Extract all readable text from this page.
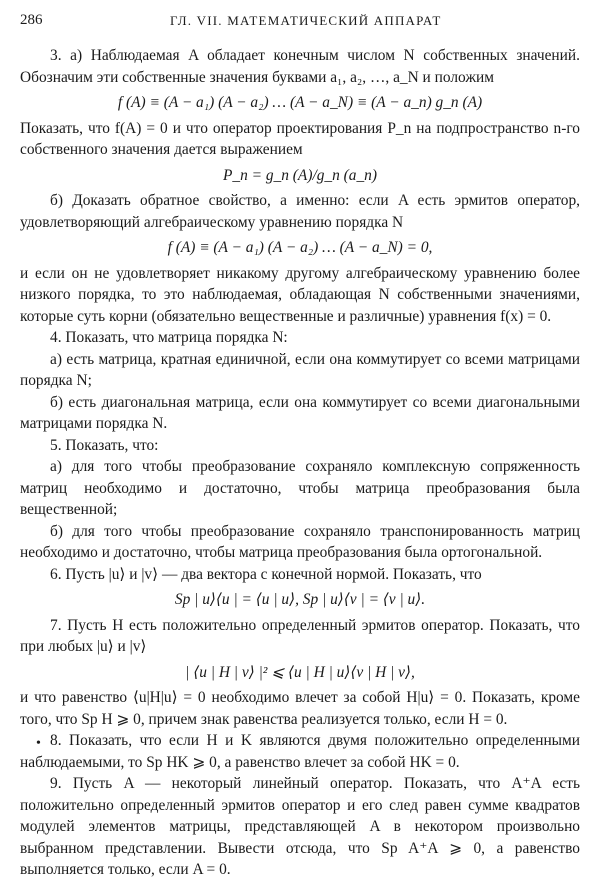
286	ГЛ. VII. МАТЕМАТИЧЕСКИЙ АППАРАТ

3. а) Наблюдаемая A обладает конечным числом N собственных значений. Обозначим эти собственные значения буквами a₁, a₂, …, a_N и положим

f (A) ≡ (A − a₁) (A − a₂) … (A − a_N) ≡ (A − a_n) g_n (A)

Показать, что f(A) = 0 и что оператор проектирования P_n на подпространство n-го собственного значения дается выражением

P_n = g_n (A)/g_n (a_n)

б) Доказать обратное свойство, а именно: если A есть эрмитов оператор, удовлетворяющий алгебраическому уравнению порядка N

f (A) ≡ (A − a₁) (A − a₂) … (A − a_N) = 0,

и если он не удовлетворяет никакому другому алгебраическому уравнению более низкого порядка, то это наблюдаемая, обладающая N собственными значениями, которые суть корни (обязательно вещественные и различные) уравнения f(x) = 0.

4. Показать, что матрица порядка N:

а) есть матрица, кратная единичной, если она коммутирует со всеми матрицами порядка N;

б) есть диагональная матрица, если она коммутирует со всеми диагональными матрицами порядка N.

5. Показать, что:

а) для того чтобы преобразование сохраняло комплексную сопряженность матриц необходимо и достаточно, чтобы матрица преобразования была вещественной;

б) для того чтобы преобразование сохраняло транспонированность матриц необходимо и достаточно, чтобы матрица преобразования была ортогональной.

6. Пусть |u⟩ и |v⟩ — два вектора с конечной нормой. Показать, что

Sp | u⟩⟨u | = ⟨u | u⟩, Sp | u⟩⟨v | = ⟨v | u⟩.

7. Пусть H есть положительно определенный эрмитов оператор. Показать, что при любых |u⟩ и |v⟩

| ⟨u | H | v⟩ |² ⩽ ⟨u | H | u⟩⟨v | H | v⟩,

и что равенство ⟨u|H|u⟩ = 0 необходимо влечет за собой H|u⟩ = 0. Показать, кроме того, что Sp H ⩾ 0, причем знак равенства реализуется только, если H = 0.

• 8. Показать, что если H и K являются двумя положительно определенными наблюдаемыми, то Sp HK ⩾ 0, а равенство влечет за собой HK = 0.

9. Пусть A — некоторый линейный оператор. Показать, что A⁺A есть положительно определенный эрмитов оператор и его след равен сумме квадратов модулей элементов матрицы, представляющей A в некотором произвольно выбранном представлении. Вывести отсюда, что Sp A⁺A ⩾ 0, а равенство выполняется только, если A = 0.
